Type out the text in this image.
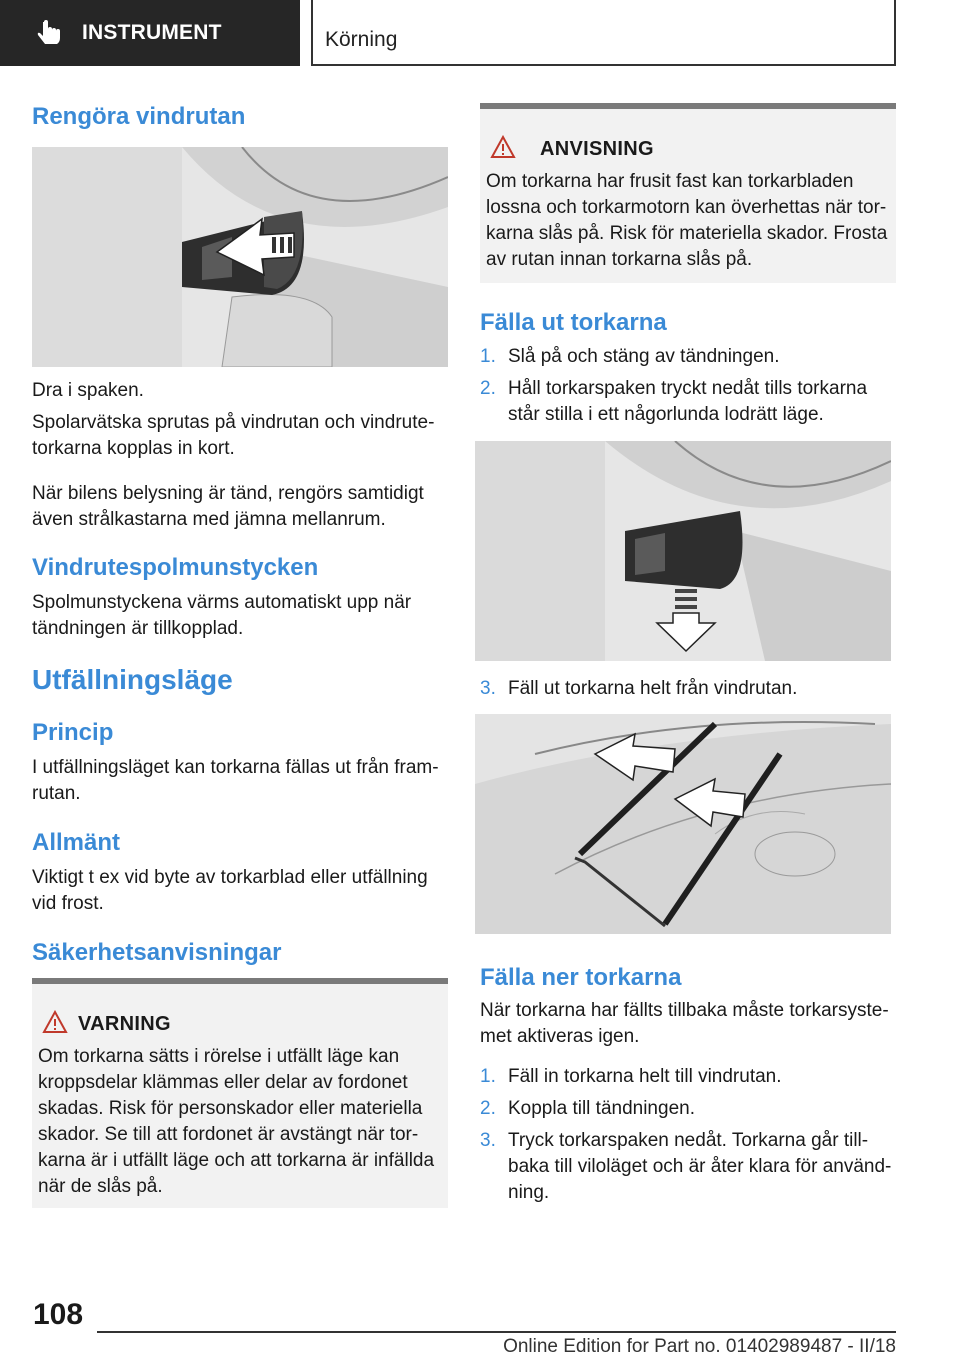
INSTRUMENT	Körning
Rengöra vindrutan

Dra i spaken.

Spolarvätska sprutas på vindrutan och vindrutetorkarna kopplas in kort.

När bilens belysning är tänd, rengörs samtidigt även strålkastarna med jämna mellanrum.

Vindrutespolmunstycken

Spolmunstyckena värms automatiskt upp när tändningen är tillkopplad.

Utfällningsläge
Princip

I utfällningsläget kan torkarna fällas ut från framrutan.

Allmänt

Viktigt t ex vid byte av torkarblad eller utfällning vid frost.

Säkerhetsanvisningar
VARNING
Om torkarna sätts i rörelse i utfällt läge kan kroppsdelar klämmas eller delar av fordonet skadas. Risk för personskador eller materiella skador. Se till att fordonet är avstängt när torkarna är i utfällt läge och att torkarna är infällda när de slås på.
ANVISNING
Om torkarna har frusit fast kan torkarbladen lossna och torkarmotorn kan överhettas när torkarna slås på. Risk för materiella skador. Frosta av rutan innan torkarna slås på.
Fälla ut torkarna
1. Slå på och stäng av tändningen.
2. Håll torkarspaken tryckt nedåt tills torkarna står stilla i ett någorlunda lodrätt läge.
3. Fäll ut torkarna helt från vindrutan.
Fälla ner torkarna

När torkarna har fällts tillbaka måste torkarsystemet aktiveras igen.

1. Fäll in torkarna helt till vindrutan.
2. Koppla till tändningen.
3. Tryck torkarspaken nedåt. Torkarna går tillbaka till viloläget och är åter klara för användning.
108
Online Edition for Part no. 01402989487 - II/18
